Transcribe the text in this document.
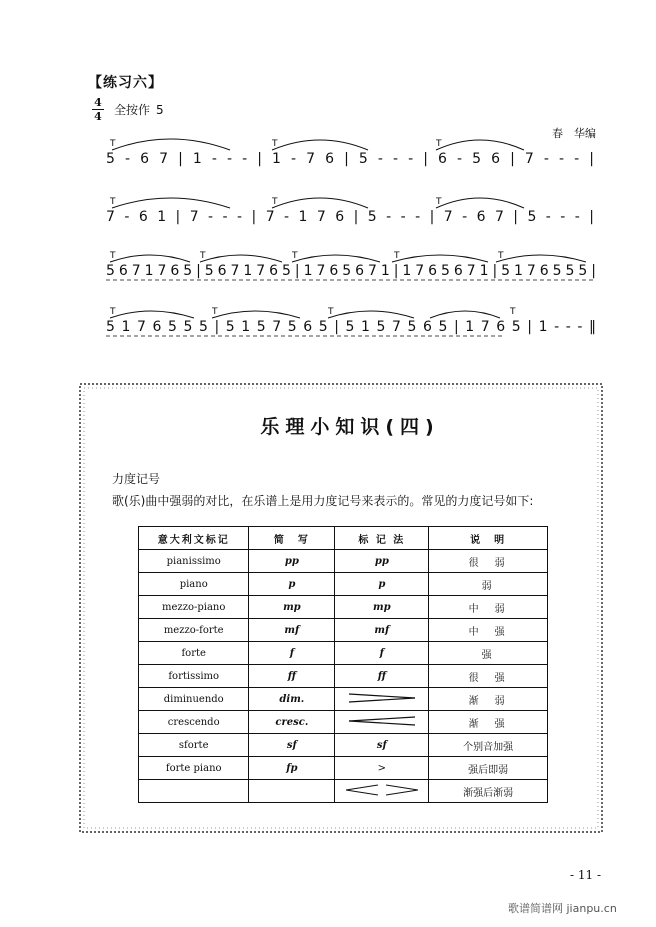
【练习六】
4
4 全按作 5
春　华编
T	T	T
5 - 6 7 | 1 - - - | 1 - 7 6 | 5 - - - | 6 - 5 6 | 7 - - - |
T	T	T
7 - 6 1 | 7 - - - | 7 - 1 7 6 | 5 - - - | 7 - 6 7 | 5 - - - |
T	T	T	T	T
5 6 7 1 7 6 5 | 5 6 7 1 7 6 5 | 1 7 6 5 6 7 1 | 1 7 6 5 6 7 1 | 5 1 7 6 5 5 5 |
T	T	T	T
5 1 7 6 5 5 5 | 5 1 5 7 5 6 5 | 5 1 5 7 5 6 5 | 1 7 6 5 | 1 - - - ‖
乐理小知识(四)
力度记号
歌(乐)曲中强弱的对比，在乐谱上是用力度记号来表示的。常见的力度记号如下:
意大利文标记	简　写	标 记 法	说　明
pianissimo	pp	pp	很　弱
piano	p	p	弱
mezzo-piano	mp	mp	中　弱
mezzo-forte	mf	mf	中　强
forte	f	f	强
fortissimo	ff	ff	很　强
diminuendo	dim.		渐　弱
crescendo	cresc.		渐　强
sforte	sf	sf	个别音加强
forte piano	fp	>	强后即弱
			渐强后渐弱
- 11 -
歌谱简谱网 jianpu.cn
